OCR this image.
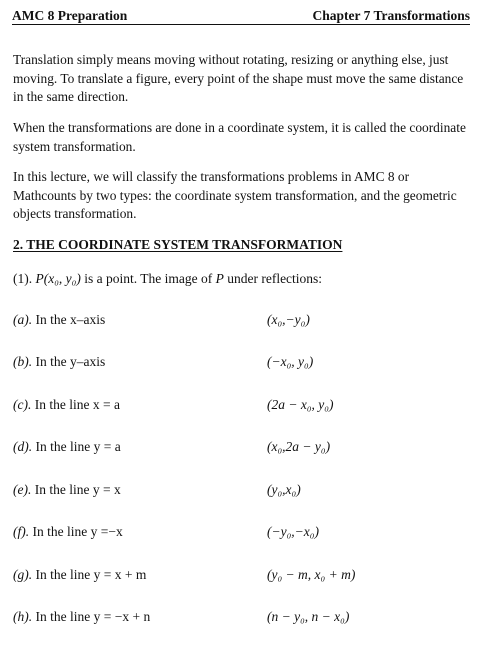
AMC 8 Preparation	Chapter 7 Transformations
Translation simply means moving without rotating, resizing or anything else, just moving. To translate a figure, every point of the shape must move the same distance in the same direction.
When the transformations are done in a coordinate system, it is called the coordinate system transformation.
In this lecture, we will classify the transformations problems in AMC 8 or Mathcounts by two types: the coordinate system transformation, and the geometric objects transformation.
2. THE COORDINATE SYSTEM TRANSFORMATION
(1). P(x₀, y₀) is a point. The image of P under reflections:
(a). In the x–axis	(x₀,−y₀)
(b). In the y–axis	(−x₀, y₀)
(c). In the line x = a	(2a − x₀, y₀)
(d). In the line y = a	(x₀,2a − y₀)
(e). In the line y = x	(y₀,x₀)
(f). In the line y =−x	(−y₀,−x₀)
(g). In the line y = x + m	(y₀ − m, x₀ + m)
(h). In the line y = −x + n	(n − y₀, n − x₀)
